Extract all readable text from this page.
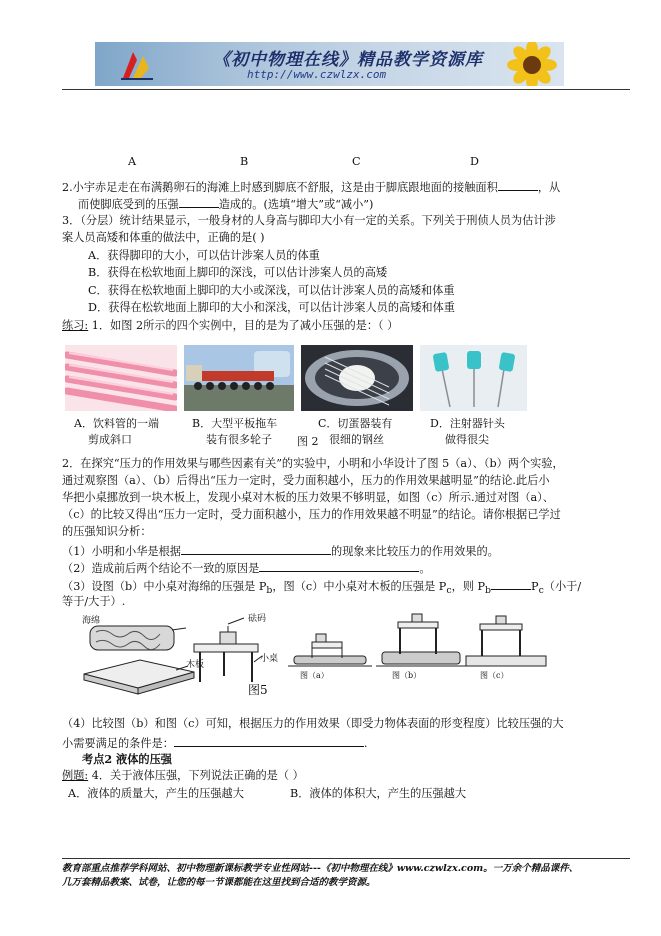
《初中物理在线》精品教学资源库
http://www.czwlzx.com
A	B	C	D
2.小宇赤足走在布满鹅卵石的海滩上时感到脚底不舒服，这是由于脚底跟地面的接触面积	，从
而使脚底受到的压强	造成的。(选填“增大”或“减小”)
3．（分层）统计结果显示，一般身材的人身高与脚印大小有一定的关系。下列关于刑侦人员为估计涉
案人员高矮和体重的做法中，正确的是( )
A．获得脚印的大小，可以估计涉案人员的体重
B．获得在松软地面上脚印的深浅，可以估计涉案人员的高矮
C．获得在松软地面上脚印的大小或深浅，可以估计涉案人员的高矮和体重
D．获得在松软地面上脚印的大小和深浅，可以估计涉案人员的高矮和体重
练习: 1．如图 2所示的四个实例中，目的是为了减小压强的是：（ ）
A．饮料管的一端
剪成斜口
B．大型平板拖车
装有很多轮子 图 2
C．切蛋器装有
很细的钢丝
D．注射器针头
做得很尖
2．在探究“压力的作用效果与哪些因素有关”的实验中，小明和小华设计了图 5（a）、（b）两个实验，
通过观察图（a）、（b）后得出“压力一定时，受力面积越小，压力的作用效果越明显”的结论.此后小
华把小桌挪放到一块木板上，发现小桌对木板的压力效果不够明显，如图（c）所示.通过对图（a）、
（c）的比较又得出“压力一定时，受力面积越小，压力的作用效果越不明显”的结论。请你根据已学过
的压强知识分析：
（1）小明和小华是根据	的现象来比较压力的作用效果的。
（2）造成前后两个结论不一致的原因是	。
（3）设图（b）中小桌对海绵的压强是 $P_b$，图（c）中小桌对木板的压强是 $P_c$，则 $P_b$	$P_c$（小于/
等于/大于）.
海绵	砝码
木板
小桌
图（a）	图（b）	图（c）
图5
（4）比较图（b）和图（c）可知，根据压力的作用效果（即受力物体表面的形变程度）比较压强的大
小需要满足的条件是：	.
考点2 液体的压强
例题: 4．关于液体压强，下列说法正确的是（ ）
A．液体的质量大，产生的压强越大	B．液体的体积大，产生的压强越大
教育部重点推荐学科网站、初中物理新课标教学专业性网站---《初中物理在线》www.czwlzx.com。一万余个精品课件、
几万套精品教案、试卷，让您的每一节课都能在这里找到合适的教学资源。
